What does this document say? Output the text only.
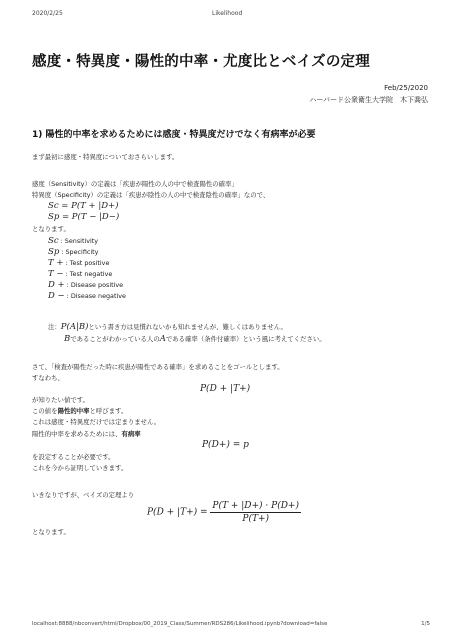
2020/2/25	Likelihood
感度・特異度・陽性的中率・尤度比とベイズの定理
Feb/25/2020
ハーバード公衆衛生大学院　木下喬弘
1) 陽性的中率を求めるためには感度・特異度だけでなく有病率が必要
まず最初に感度・特異度についておさらいします。
感度（Sensitivity）の定義は「疾患が陽性の人の中で検査陽性の確率」
特異度（Specificity）の定義は「疾患が陰性の人の中で検査陰性の確率」なので、
Sc = P(T + |D+)
Sp = P(T − |D−)
となります。
Sc : Sensitivity
Sp : Specificity
T + : Test positive
T − : Test negative
D + : Disease positive
D − : Disease negative
注：P(A|B)という書き方は見慣れないかも知れませんが、難しくはありません。
Bであることがわかっている人のAである確率（条件付確率）という風に考えてください。
さて、「検査が陽性だった時に疾患が陽性である確率」を求めることをゴールとします。
すなわち、
P(D + |T+)
が知りたい値です。
この値を陽性的中率と呼びます。
これは感度・特異度だけでは定まりません。
陽性的中率を求めるためには、有病率
P(D+) = p
を設定することが必要です。
これを今から証明していきます。
いきなりですが、ベイズの定理より
$P(D + |T+) = \frac{P(T + |D+) \cdot P(D+)}{P(T+)}$
となります。
localhost:8888/nbconvert/html/Dropbox/00_2019_Class/Summer/RDS286/Likelihood.ipynb?download=false	1/5
